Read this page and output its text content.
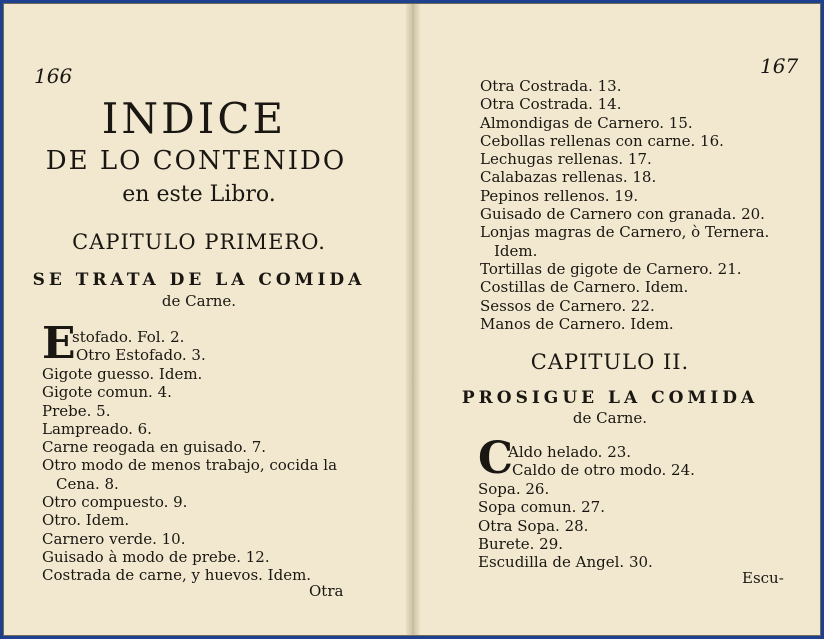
166
INDICE
DE LO CONTENIDO
en este Libro.
CAPITULO PRIMERO.
SE TRATA DE LA COMIDA
de Carne.
E
stofado. Fol. 2.
Otro Estofado. 3.
Gigote guesso. Idem.
Gigote comun. 4.
Prebe. 5.
Lampreado. 6.
Carne reogada en guisado. 7.
Otro modo de menos trabajo, cocida la
Cena. 8.
Otro compuesto. 9.
Otro. Idem.
Carnero verde. 10.
Guisado à modo de prebe. 12.
Costrada de carne, y huevos. Idem.
Otra
167
Otra Costrada. 13.
Otra Costrada. 14.
Almondigas de Carnero. 15.
Cebollas rellenas con carne. 16.
Lechugas rellenas. 17.
Calabazas rellenas. 18.
Pepinos rellenos. 19.
Guisado de Carnero con granada. 20.
Lonjas magras de Carnero, ò Ternera.
Idem.
Tortillas de gigote de Carnero. 21.
Costillas de Carnero. Idem.
Sessos de Carnero. 22.
Manos de Carnero. Idem.
CAPITULO II.
PROSIGUE LA COMIDA
de Carne.
C
Aldo helado. 23.
Caldo de otro modo. 24.
Sopa. 26.
Sopa comun. 27.
Otra Sopa. 28.
Burete. 29.
Escudilla de Angel. 30.
Escu-
